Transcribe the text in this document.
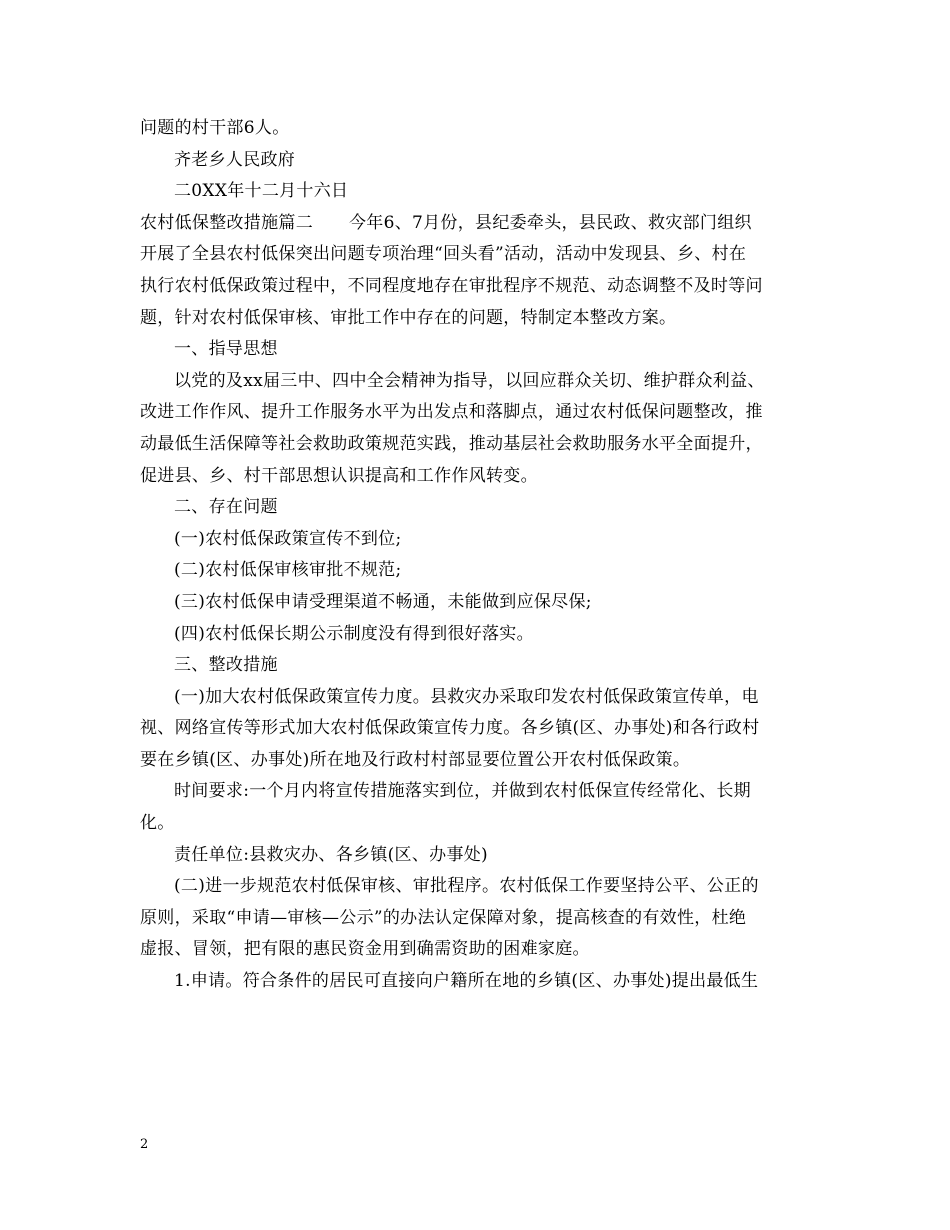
问题的村干部6人。
齐老乡人民政府
二0XX年十二月十六日
农村低保整改措施篇二 今年6、7月份，县纪委牵头，县民政、救灾部门组织
开展了全县农村低保突出问题专项治理“回头看”活动，活动中发现县、乡、村在
执行农村低保政策过程中，不同程度地存在审批程序不规范、动态调整不及时等问
题，针对农村低保审核、审批工作中存在的问题，特制定本整改方案。
一、指导思想
以党的及xx届三中、四中全会精神为指导，以回应群众关切、维护群众利益、
改进工作作风、提升工作服务水平为出发点和落脚点，通过农村低保问题整改，推
动最低生活保障等社会救助政策规范实践，推动基层社会救助服务水平全面提升，
促进县、乡、村干部思想认识提高和工作作风转变。
二、存在问题
(一)农村低保政策宣传不到位;
(二)农村低保审核审批不规范;
(三)农村低保申请受理渠道不畅通，未能做到应保尽保;
(四)农村低保长期公示制度没有得到很好落实。
三、整改措施
(一)加大农村低保政策宣传力度。县救灾办采取印发农村低保政策宣传单，电
视、网络宣传等形式加大农村低保政策宣传力度。各乡镇(区、办事处)和各行政村
要在乡镇(区、办事处)所在地及行政村村部显要位置公开农村低保政策。
时间要求:一个月内将宣传措施落实到位，并做到农村低保宣传经常化、长期
化。
责任单位:县救灾办、各乡镇(区、办事处)
(二)进一步规范农村低保审核、审批程序。农村低保工作要坚持公平、公正的
原则，采取“申请—审核—公示”的办法认定保障对象，提高核查的有效性，杜绝
虚报、冒领，把有限的惠民资金用到确需资助的困难家庭。
1.申请。符合条件的居民可直接向户籍所在地的乡镇(区、办事处)提出最低生
2
